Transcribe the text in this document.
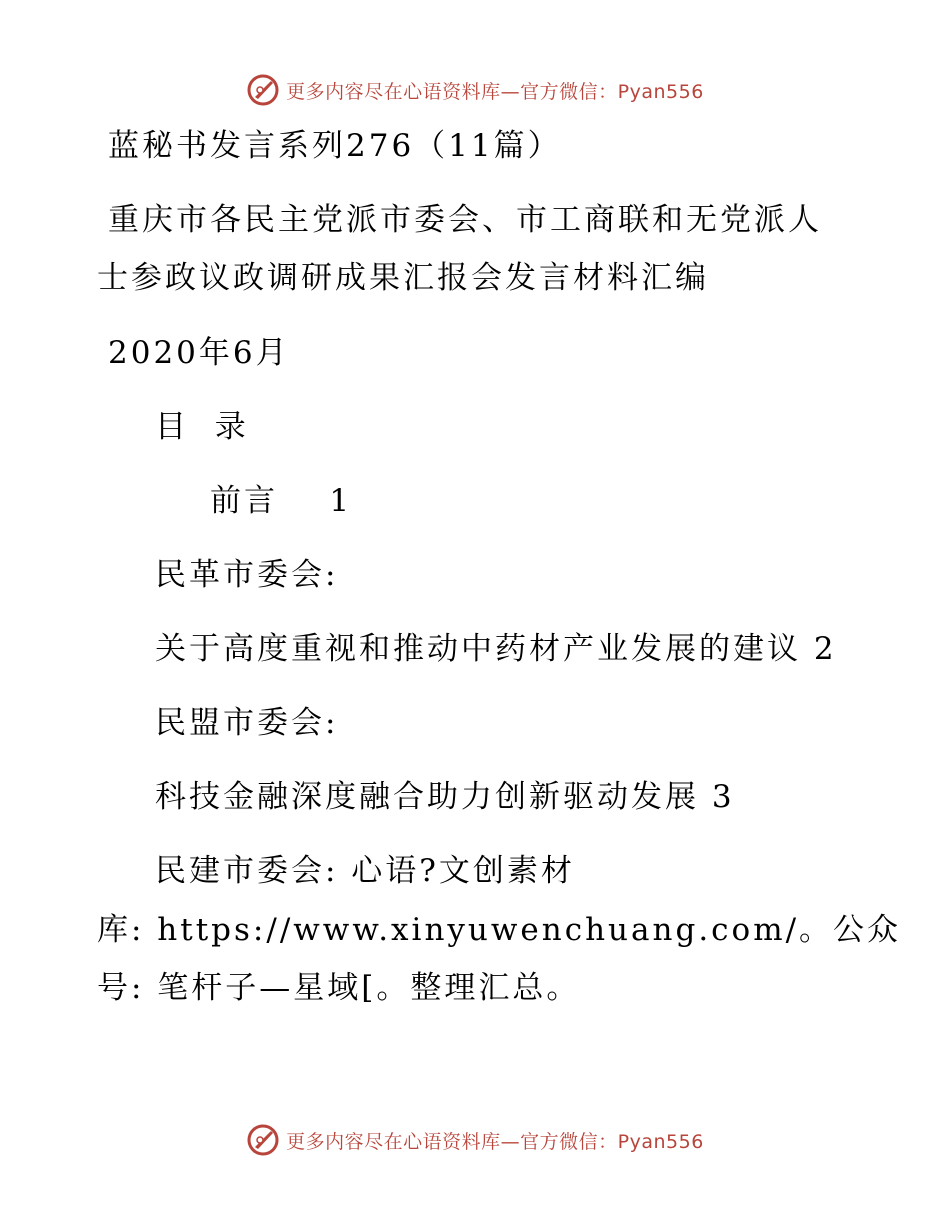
更多内容尽在心语资料库—官方微信：Pyan556
蓝秘书发言系列276（11篇）
重庆市各民主党派市委会、市工商联和无党派人
士参政议政调研成果汇报会发言材料汇编
2020年6月
目  录
前言    1
民革市委会:
关于高度重视和推动中药材产业发展的建议 2
民盟市委会:
科技金融深度融合助力创新驱动发展 3
民建市委会: 心语?文创素材
库: https://www.xinyuwenchuang.com/。公众
号: 笔杆子—星域[。整理汇总。
更多内容尽在心语资料库—官方微信：Pyan556
